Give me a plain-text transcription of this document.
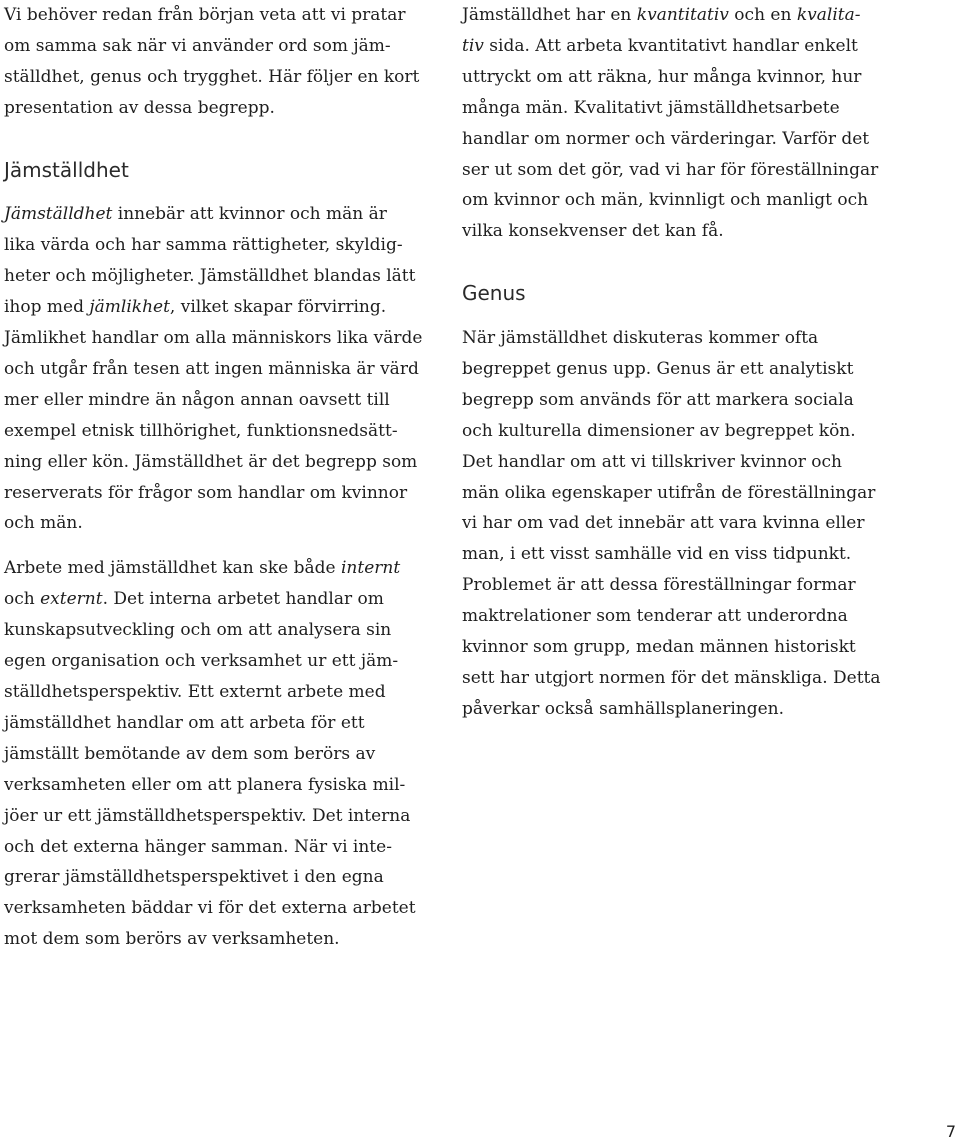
Vi behöver redan från början veta att vi pratar

om samma sak när vi använder ord som jäm-

ställdhet, genus och trygghet. Här följer en kort

presentation av dessa begrepp.

Jämställdhet

Jämställdhet innebär att kvinnor och män är

lika värda och har samma rättigheter, skyldig-

heter och möjligheter. Jämställdhet blandas lätt

ihop med jämlikhet, vilket skapar förvirring.

Jämlikhet handlar om alla människors lika värde

och utgår från tesen att ingen människa är värd

mer eller mindre än någon annan oavsett till

exempel etnisk tillhörighet, funktionsnedsätt-

ning eller kön. Jämställdhet är det begrepp som

reserverats för frågor som handlar om kvinnor

och män.

Arbete med jämställdhet kan ske både internt

och externt. Det interna arbetet handlar om

kunskapsutveckling och om att analysera sin

egen organisation och verksamhet ur ett jäm-

ställdhetsperspektiv. Ett externt arbete med

jämställdhet handlar om att arbeta för ett

jämställt bemötande av dem som berörs av

verksamheten eller om att planera fysiska mil-

jöer ur ett jämställdhetsperspektiv. Det interna

och det externa hänger samman. När vi inte-

grerar jämställdhetsperspektivet i den egna

verksamheten bäddar vi för det externa arbetet

mot dem som berörs av verksamheten.

Jämställdhet har en kvantitativ och en kvalita-

tiv sida. Att arbeta kvantitativt handlar enkelt

uttryckt om att räkna, hur många kvinnor, hur

många män. Kvalitativt jämställdhetsarbete

handlar om normer och värderingar. Varför det

ser ut som det gör, vad vi har för föreställningar

om kvinnor och män, kvinnligt och manligt och

vilka konsekvenser det kan få.

Genus

När jämställdhet diskuteras kommer ofta

begreppet genus upp. Genus är ett analytiskt

begrepp som används för att markera sociala

och kulturella dimensioner av begreppet kön.

Det handlar om att vi tillskriver kvinnor och

män olika egenskaper utifrån de föreställningar

vi har om vad det innebär att vara kvinna eller

man, i ett visst samhälle vid en viss tidpunkt.

Problemet är att dessa föreställningar formar

maktrelationer som tenderar att underordna

kvinnor som grupp, medan männen historiskt

sett har utgjort normen för det mänskliga. Detta

påverkar också samhällsplaneringen.

7
